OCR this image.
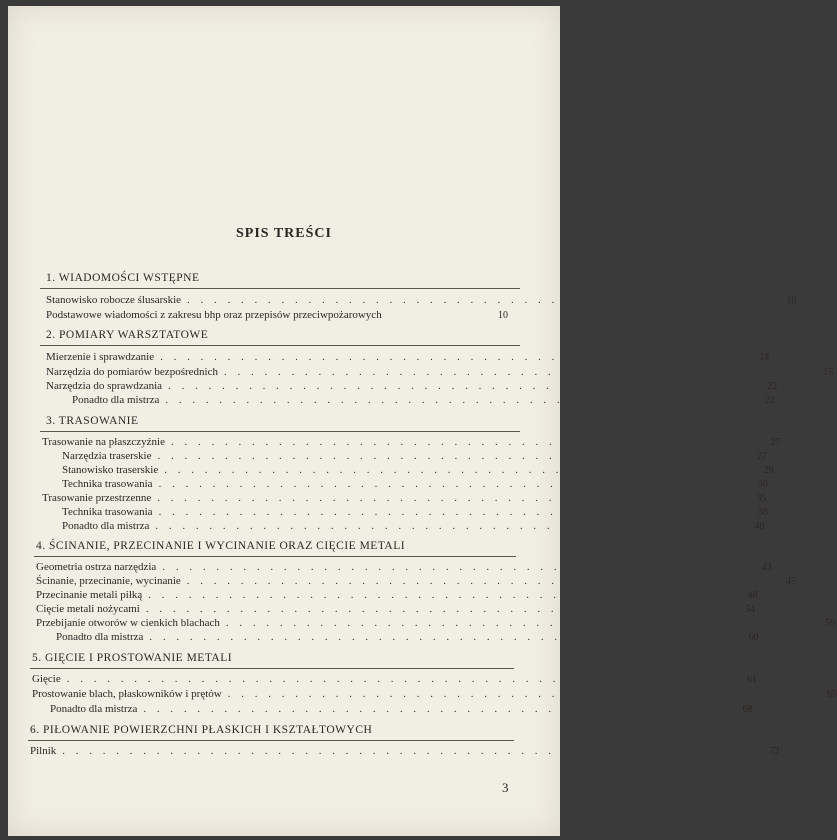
SPIS TREŚCI
1. WIADOMOŚCI WSTĘPNE
Stanowisko robocze ślusarskie . . . . . . . . . . . . . . . . . . . . . . . . . . . . . . . . . . . . . . . . . . . .	10
Podstawowe wiadomości z zakresu bhp oraz przepisów przeciwpożarowych	10
2. POMIARY WARSZTATOWE
Mierzenie i sprawdzanie . . . . . . . . . . . . . . . . . . . . . . . . . . . . . . . . . . . . . . . . . . . .	14
Narzędzia do pomiarów bezpośrednich . . . . . . . . . . . . . . . . . . . . . . . . . . . . . . . . . . . . . . . . . . . .	15
Narzędzia do sprawdzania . . . . . . . . . . . . . . . . . . . . . . . . . . . . . . . . . . . . . . . . . . . .	22
Ponadto dla mistrza . . . . . . . . . . . . . . . . . . . . . . . . . . . . . . . . . . . . . . . . . . . .	22
3. TRASOWANIE
Trasowanie na płaszczyźnie . . . . . . . . . . . . . . . . . . . . . . . . . . . . . . . . . . . . . . . . . . . .	27
Narzędzia traserskie . . . . . . . . . . . . . . . . . . . . . . . . . . . . . . . . . . . . . . . . . . . .	27
Stanowisko traserskie . . . . . . . . . . . . . . . . . . . . . . . . . . . . . . . . . . . . . . . . . . . .	29
Technika trasowania . . . . . . . . . . . . . . . . . . . . . . . . . . . . . . . . . . . . . . . . . . . .	30
Trasowanie przestrzenne . . . . . . . . . . . . . . . . . . . . . . . . . . . . . . . . . . . . . . . . . . . .	35
Technika trasowania . . . . . . . . . . . . . . . . . . . . . . . . . . . . . . . . . . . . . . . . . . . .	38
Ponadto dla mistrza . . . . . . . . . . . . . . . . . . . . . . . . . . . . . . . . . . . . . . . . . . . .	40
4. ŚCINANIE, PRZECINANIE I WYCINANIE ORAZ CIĘCIE METALI
Geometria ostrza narzędzia . . . . . . . . . . . . . . . . . . . . . . . . . . . . . . . . . . . . . . . . . . . .	43
Ścinanie, przecinanie, wycinanie . . . . . . . . . . . . . . . . . . . . . . . . . . . . . . . . . . . . . . . . . . . .	45
Przecinanie metali piłką . . . . . . . . . . . . . . . . . . . . . . . . . . . . . . . . . . . . . . . . . . . .	48
Cięcie metali nożycami . . . . . . . . . . . . . . . . . . . . . . . . . . . . . . . . . . . . . . . . . . . .	54
Przebijanie otworów w cienkich blachach . . . . . . . . . . . . . . . . . . . . . . . . . . . . . . . . . . . . . . . . . . . .	59
Ponadto dla mistrza . . . . . . . . . . . . . . . . . . . . . . . . . . . . . . . . . . . . . . . . . . . .	60
5. GIĘCIE I PROSTOWANIE METALI
Gięcie . . . . . . . . . . . . . . . . . . . . . . . . . . . . . . . . . . . . . . . . . . . . . . . . . .	61
Prostowanie blach, płaskowników i prętów . . . . . . . . . . . . . . . . . . . . . . . . . . . . . . . . . . . . . . . . . . . .	65
Ponadto dla mistrza . . . . . . . . . . . . . . . . . . . . . . . . . . . . . . . . . . . . . . . . . . . .	68
6. PIŁOWANIE POWIERZCHNI PŁASKICH I KSZTAŁTOWYCH
Pilnik . . . . . . . . . . . . . . . . . . . . . . . . . . . . . . . . . . . . . . . . . . . . . . . . . . . .	72
3
